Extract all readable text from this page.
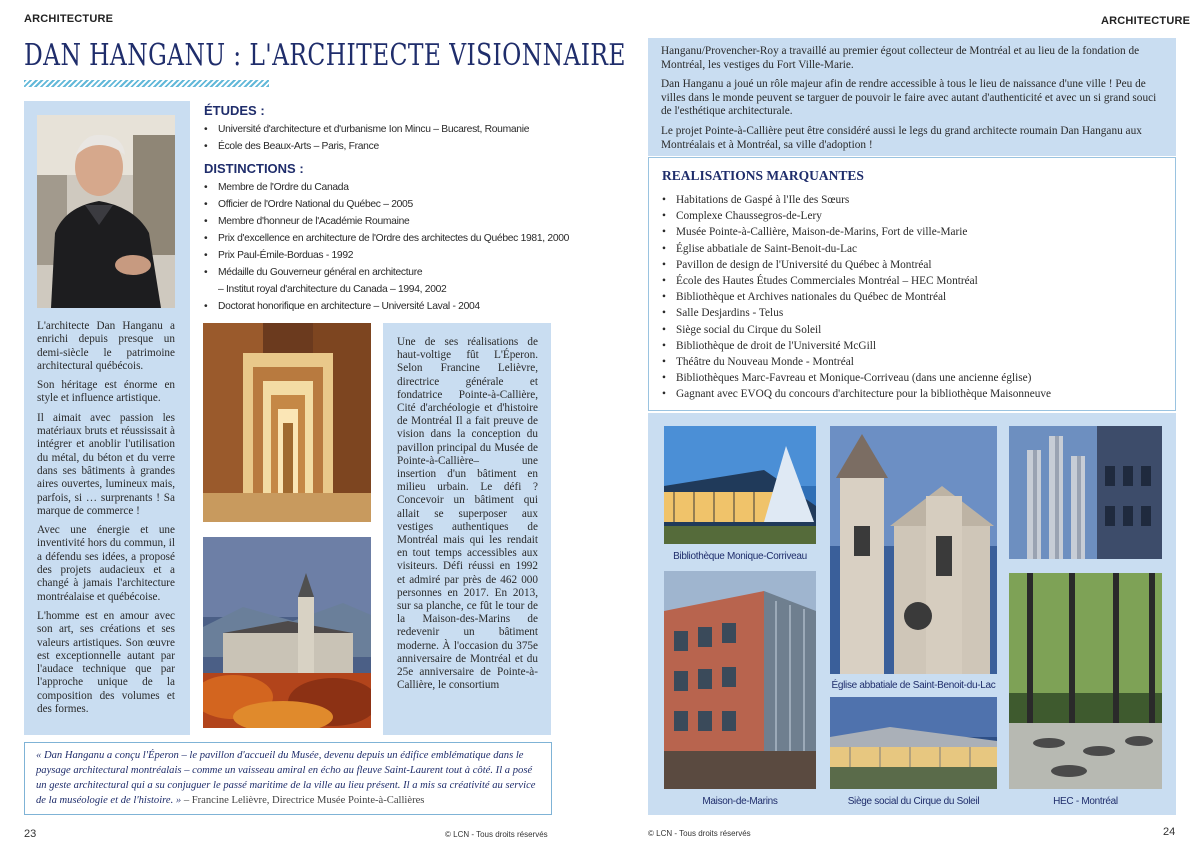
ARCHITECTURE
DAN HANGANU : L'ARCHITECTE VISIONNAIRE

L'architecte Dan Hanganu a enrichi depuis presque un demi-siècle le patrimoine architectural québécois.

Son héritage est énorme en style et influence artistique.

Il aimait avec passion les matériaux bruts et réussissait à intégrer et anoblir l'utilisation du métal, du béton et du verre dans ses bâtiments à grandes aires ouvertes, lumineux mais, parfois, si … surprenants ! Sa marque de commerce !

Avec une énergie et une inventivité hors du commun, il a défendu ses idées, a proposé des projets audacieux et a changé à jamais l'architecture montréalaise et québécoise.

L'homme est en amour avec son art, ses créations et ses valeurs artistiques. Son œuvre est exceptionnelle autant par l'audace technique que par l'approche unique de la composition des volumes et des formes.

ÉTUDES :
• Université d'architecture et d'urbanisme Ion Mincu – Bucarest, Roumanie
• École des Beaux-Arts – Paris, France
DISTINCTIONS :
• Membre de l'Ordre du Canada
• Officier de l'Ordre National du Québec – 2005
• Membre d'honneur de l'Académie Roumaine
• Prix d'excellence en architecture de l'Ordre des architectes du Québec 1981, 2000
• Prix Paul-Émile-Borduas - 1992
• Médaille du Gouverneur général en architecture
– Institut royal d'architecture du Canada – 1994, 2002
• Doctorat honorifique en architecture – Université Laval - 2004
Une de ses réalisations de haut-voltige fût L'Éperon. Selon Francine Lelièvre, directrice générale et fondatrice Pointe-à-Callière, Cité d'archéologie et d'histoire de Montréal Il a fait preuve de vision dans la conception du pavillon principal du Musée de Pointe-à-Callière– une insertion d'un bâtiment en milieu urbain. Le défi ? Concevoir un bâtiment qui allait se superposer aux vestiges authentiques de Montréal mais qui les rendait en tout temps accessibles aux visiteurs. Défi réussi en 1992 et admiré par près de 462 000 personnes en 2017. En 2013, sur sa planche, ce fût le tour de la Maison-des-Marins de redevenir un bâtiment moderne. À l'occasion du 375e anniversaire de Montréal et du 25e anniversaire de Pointe-à-Callière, le consortium
« Dan Hanganu a conçu l'Éperon – le pavillon d'accueil du Musée, devenu depuis un édifice emblématique dans le paysage architectural montréalais – comme un vaisseau amiral en écho au fleuve Saint-Laurent tout à côté. Il a posé un geste architectural qui a su conjuguer le passé maritime de la ville au lieu présent. Il a mis sa créativité au service de la muséologie et de l'histoire. » – Francine Lelièvre, Directrice Musée Pointe-à-Callières
23	© LCN - Tous droits réservés
ARCHITECTURE

Hanganu/Provencher-Roy a travaillé au premier égout collecteur de Montréal et au lieu de la fondation de Montréal, les vestiges du Fort Ville-Marie.

Dan Hanganu a joué un rôle majeur afin de rendre accessible à tous le lieu de naissance d'une ville ! Peu de villes dans le monde peuvent se targuer de pouvoir le faire avec autant d'authenticité et avec un si grand souci de l'esthétique architecturale.

Le projet Pointe-à-Callière peut être considéré aussi le legs du grand architecte roumain Dan Hanganu aux Montréalais et à Montréal, sa ville d'adoption !

REALISATIONS MARQUANTES
• Habitations de Gaspé à l'Ile des Sœurs
• Complexe Chaussegros-de-Lery
• Musée Pointe-à-Callière, Maison-de-Marins, Fort de ville-Marie
• Église abbatiale de Saint-Benoit-du-Lac
• Pavillon de design de l'Université du Québec à Montréal
• École des Hautes Études Commerciales Montréal – HEC Montréal
• Bibliothèque et Archives nationales du Québec de Montréal
• Salle Desjardins - Telus
• Siège social du Cirque du Soleil
• Bibliothèque de droit de l'Université McGill
• Théâtre du Nouveau Monde - Montréal
• Bibliothèques Marc-Favreau et Monique-Corriveau (dans une ancienne église)
• Gagnant avec EVOQ du concours d'architecture pour la bibliothèque Maisonneuve
Bibliothèque Monique-Corriveau
Église abbatiale de Saint-Benoit-du-Lac
Maison-de-Marins	Siège social du Cirque du Soleil	HEC - Montréal
© LCN - Tous droits réservés	24
